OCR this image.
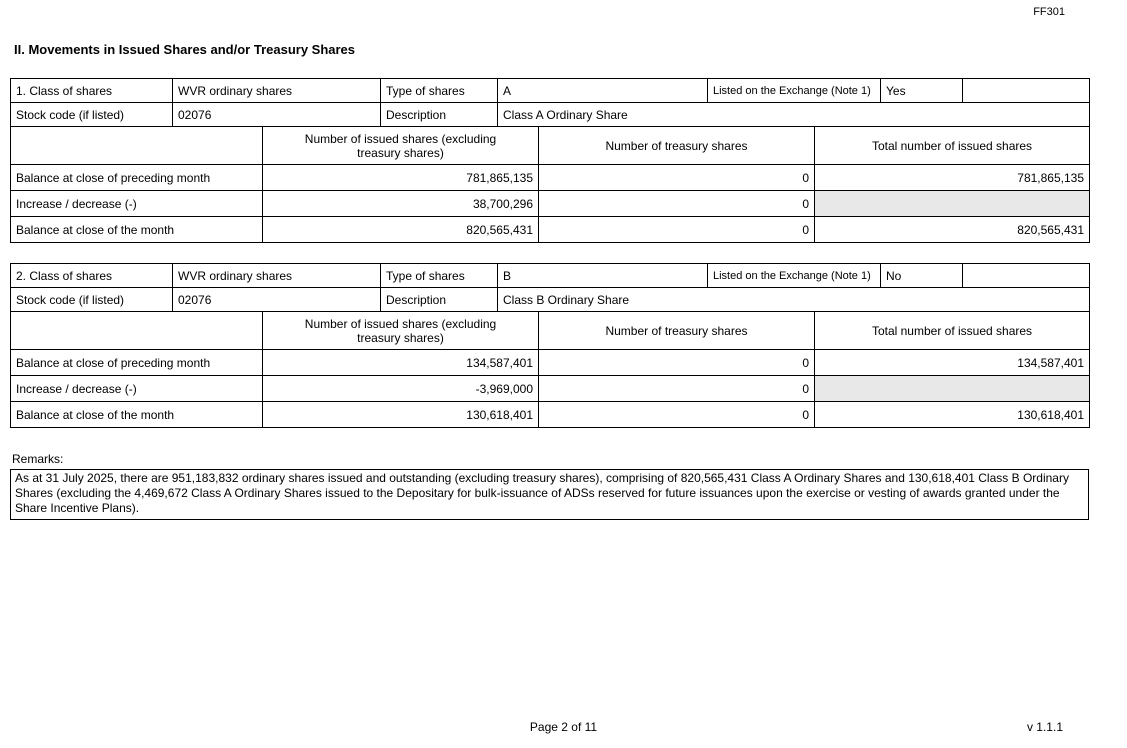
FF301
II. Movements in Issued Shares and/or Treasury Shares
1. Class of shares	WVR ordinary shares	Type of shares	A	Listed on the Exchange (Note 1)	Yes	
Stock code (if listed)	02076	Description	Class A Ordinary Share			
	Number of issued shares (excluding treasury shares)	Number of treasury shares	Total number of issued shares
Balance at close of preceding month	781,865,135	0	781,865,135
Increase / decrease (-)	38,700,296	0	
Balance at close of the month	820,565,431	0	820,565,431
2. Class of shares	WVR ordinary shares	Type of shares	B	Listed on the Exchange (Note 1)	No	
Stock code (if listed)	02076	Description	Class B Ordinary Share			
	Number of issued shares (excluding treasury shares)	Number of treasury shares	Total number of issued shares
Balance at close of preceding month	134,587,401	0	134,587,401
Increase / decrease (-)	-3,969,000	0	
Balance at close of the month	130,618,401	0	130,618,401
Remarks:
As at 31 July 2025, there are 951,183,832 ordinary shares issued and outstanding (excluding treasury shares), comprising of 820,565,431 Class A Ordinary Shares and 130,618,401 Class B Ordinary Shares (excluding the 4,469,672 Class A Ordinary Shares issued to the Depositary for bulk-issuance of ADSs reserved for future issuances upon the exercise or vesting of awards granted under the Share Incentive Plans).
Page 2 of 11	v 1.1.1
